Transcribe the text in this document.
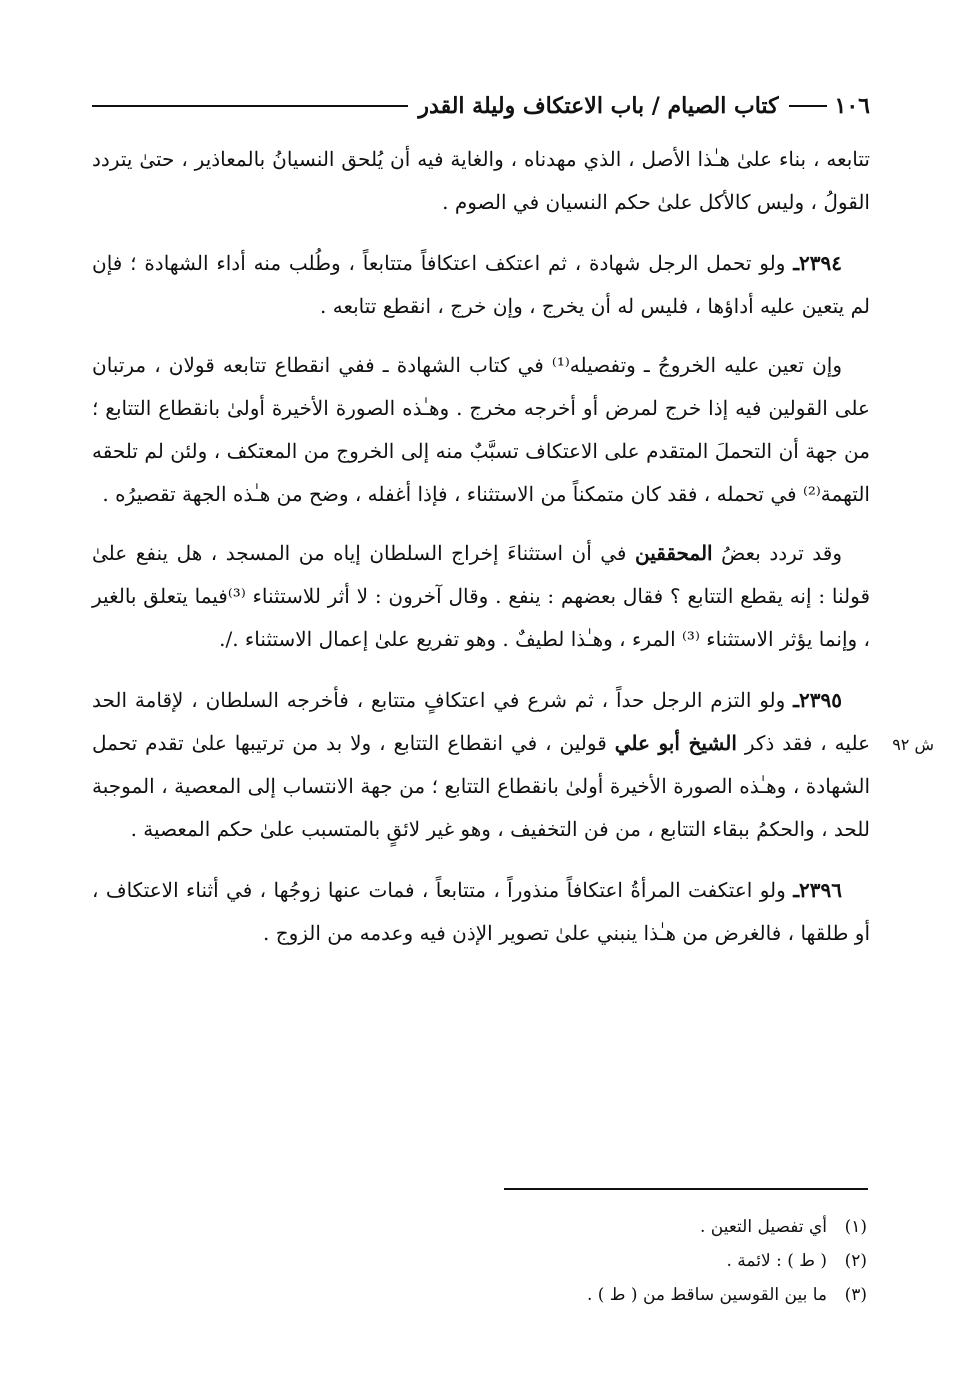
١٠٦
كتاب الصيام / باب الاعتكاف وليلة القدر
ش ٩٢

تتابعه ، بناء علىٰ هـٰذا الأصل ، الذي مهدناه ، والغاية فيه أن يُلحق النسيانُ بالمعاذير ، حتىٰ يتردد القولُ ، وليس كالأكل علىٰ حكم النسيان في الصوم .

٢٣٩٤ـ ولو تحمل الرجل شهادة ، ثم اعتكف اعتكافاً متتابعاً ، وطُلب منه أداء الشهادة ؛ فإن لم يتعين عليه أداؤها ، فليس له أن يخرج ، وإن خرج ، انقطع تتابعه .

وإن تعين عليه الخروجُ ـ وتفصيله⁽¹⁾ في كتاب الشهادة ـ ففي انقطاع تتابعه قولان ، مرتبان على القولين فيه إذا خرج لمرض أو أخرجه مخرج . وهـٰذه الصورة الأخيرة أولىٰ بانقطاع التتابع ؛ من جهة أن التحملَ المتقدم على الاعتكاف تسبَّبٌ منه إلى الخروج من المعتكف ، ولئن لم تلحقه التهمة⁽²⁾ في تحمله ، فقد كان متمكناً من الاستثناء ، فإذا أغفله ، وضح من هـٰذه الجهة تقصيرُه .

وقد تردد بعضُ المحققين في أن استثناءَ إخراج السلطان إياه من المسجد ، هل ينفع علىٰ قولنا : إنه يقطع التتابع ؟ فقال بعضهم : ينفع . وقال آخرون : لا أثر للاستثناء ⁽³⁾فيما يتعلق بالغير ، وإنما يؤثر الاستثناء ⁽³⁾ المرء ، وهـٰذا لطيفٌ . وهو تفريع علىٰ إعمال الاستثناء ./.

٢٣٩٥ـ ولو التزم الرجل حداً ، ثم شرع في اعتكافٍ متتابع ، فأخرجه السلطان ، لإقامة الحد عليه ، فقد ذكر الشيخ أبو علي قولين ، في انقطاع التتابع ، ولا بد من ترتيبها علىٰ تقدم تحمل الشهادة ، وهـٰذه الصورة الأخيرة أولىٰ بانقطاع التتابع ؛ من جهة الانتساب إلى المعصية ، الموجبة للحد ، والحكمُ ببقاء التتابع ، من فن التخفيف ، وهو غير لائقٍ بالمتسبب علىٰ حكم المعصية .

٢٣٩٦ـ ولو اعتكفت المرأةُ اعتكافاً منذوراً ، متتابعاً ، فمات عنها زوجُها ، في أثناء الاعتكاف ، أو طلقها ، فالغرض من هـٰذا ينبني علىٰ تصوير الإذن فيه وعدمه من الزوج .

(١)
أي تفصيل التعين .
(٢)
( ط ) : لائمة .
(٣)
ما بين القوسين ساقط من ( ط ) .
